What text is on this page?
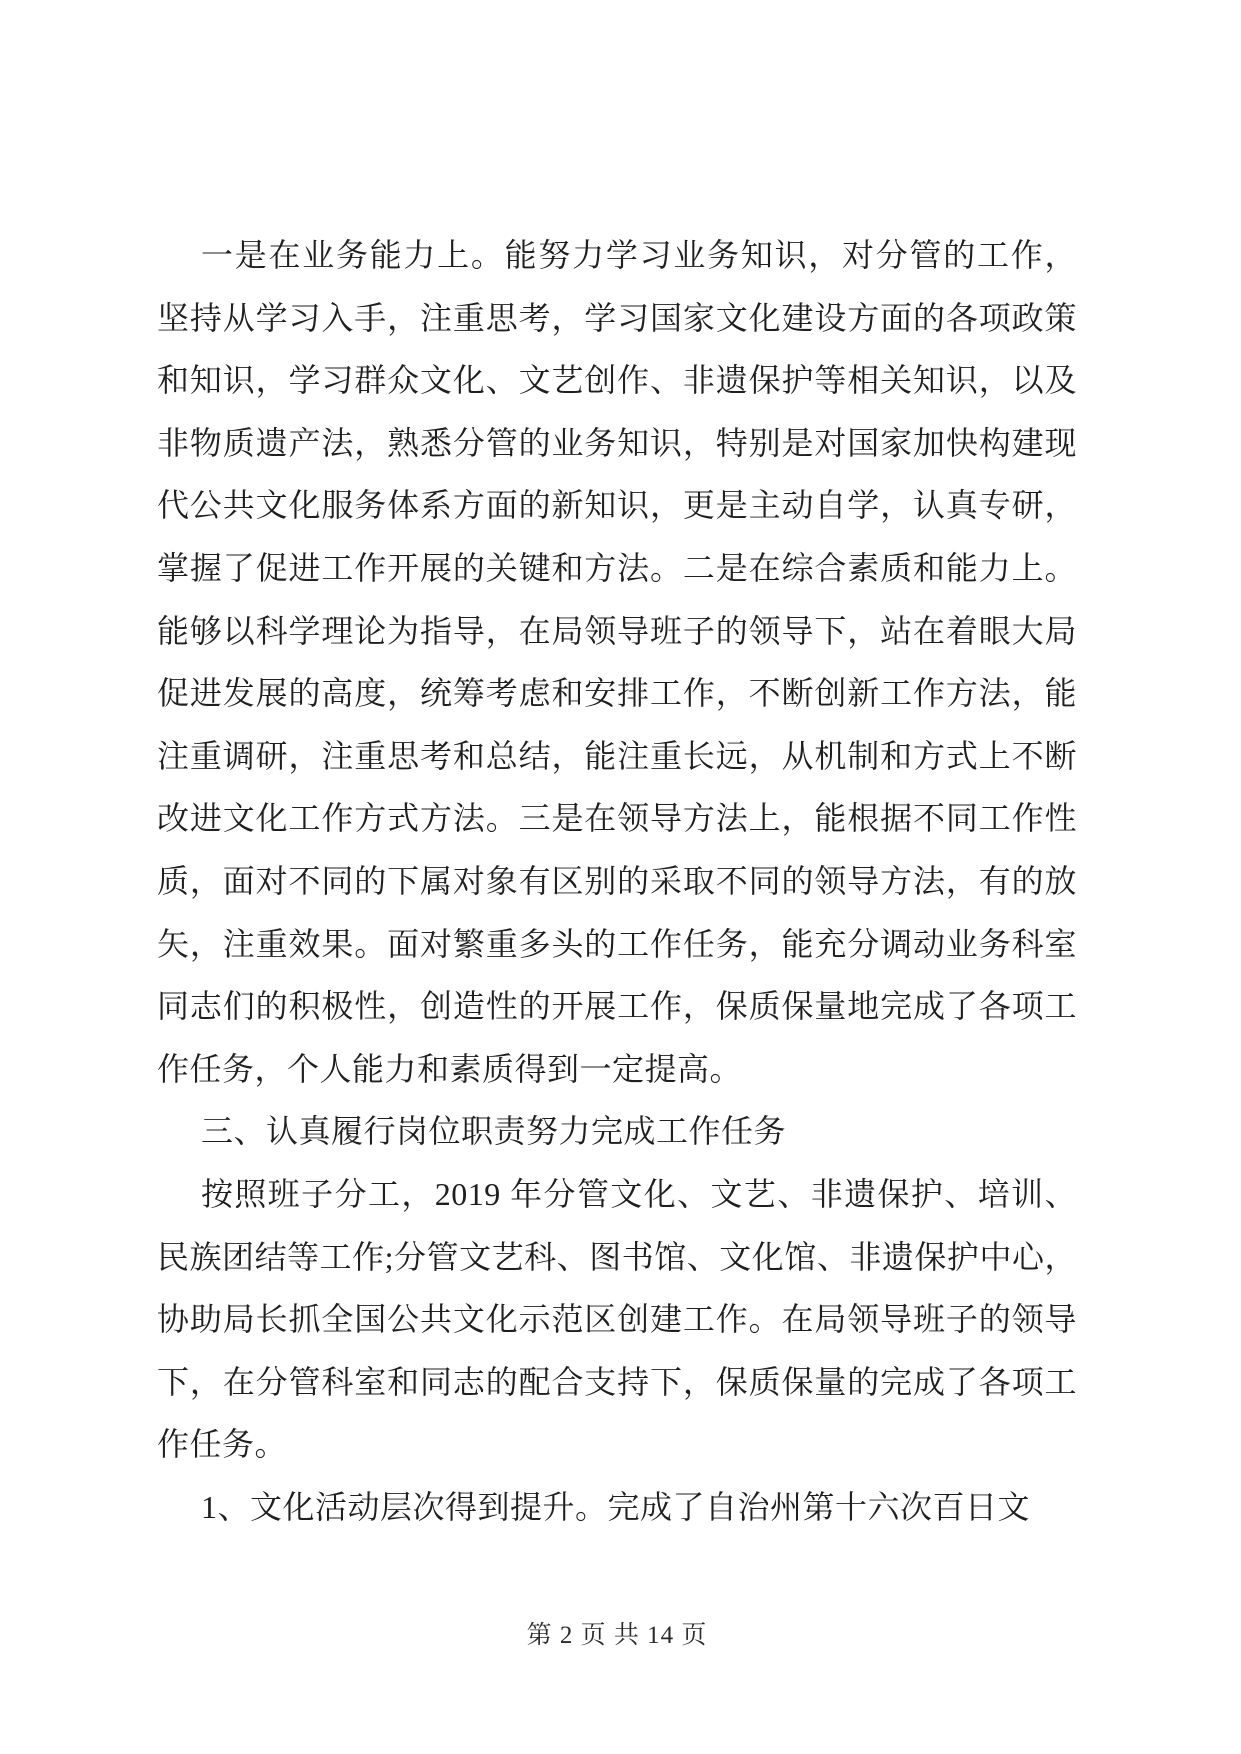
一是在业务能力上。能努力学习业务知识，对分管的工作，
坚持从学习入手，注重思考，学习国家文化建设方面的各项政策
和知识，学习群众文化、文艺创作、非遗保护等相关知识，以及
非物质遗产法，熟悉分管的业务知识，特别是对国家加快构建现
代公共文化服务体系方面的新知识，更是主动自学，认真专研，
掌握了促进工作开展的关键和方法。二是在综合素质和能力上。
能够以科学理论为指导，在局领导班子的领导下，站在着眼大局
促进发展的高度，统筹考虑和安排工作，不断创新工作方法，能
注重调研，注重思考和总结，能注重长远，从机制和方式上不断
改进文化工作方式方法。三是在领导方法上，能根据不同工作性
质，面对不同的下属对象有区别的采取不同的领导方法，有的放
矢，注重效果。面对繁重多头的工作任务，能充分调动业务科室
同志们的积极性，创造性的开展工作，保质保量地完成了各项工
作任务，个人能力和素质得到一定提高。
三、认真履行岗位职责努力完成工作任务
按照班子分工，2019 年分管文化、文艺、非遗保护、培训、
民族团结等工作;分管文艺科、图书馆、文化馆、非遗保护中心，
协助局长抓全国公共文化示范区创建工作。在局领导班子的领导
下，在分管科室和同志的配合支持下，保质保量的完成了各项工
作任务。
1、文化活动层次得到提升。完成了自治州第十六次百日文
第 2 页 共 14 页
